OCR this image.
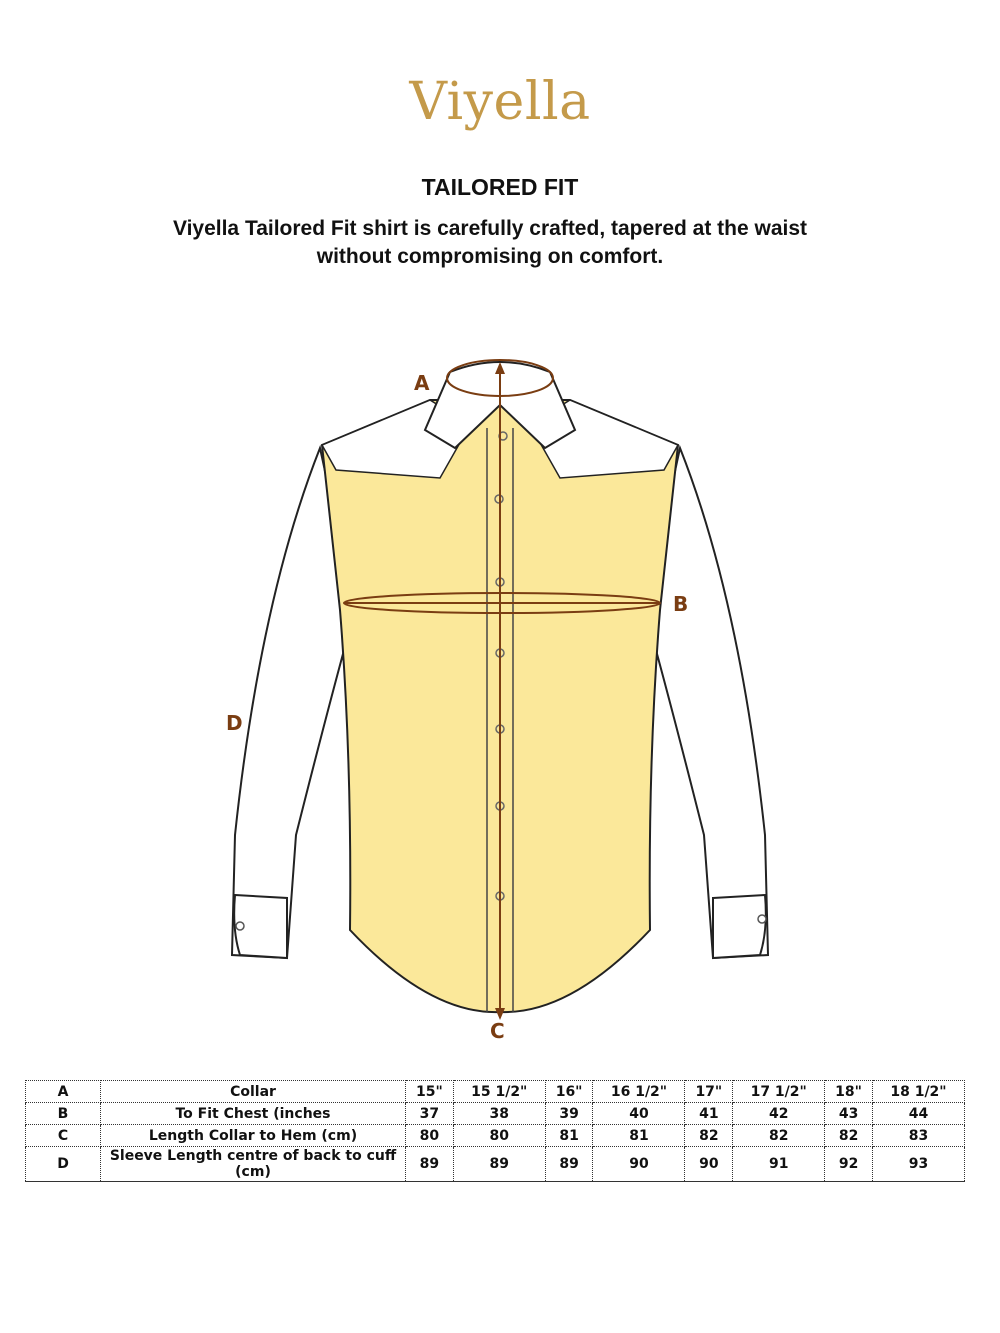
Viyella
TAILORED FIT
Viyella Tailored Fit shirt is carefully crafted, tapered at the waist without compromising on comfort.
A
B
C
D
A	Collar	15"	15 1/2"	16"	16 1/2"	17"	17 1/2"	18"	18 1/2"
B	To Fit Chest (inches	37	38	39	40	41	42	43	44
C	Length Collar to Hem (cm)	80	80	81	81	82	82	82	83
D	Sleeve Length centre of back to cuff (cm)	89	89	89	90	90	91	92	93
